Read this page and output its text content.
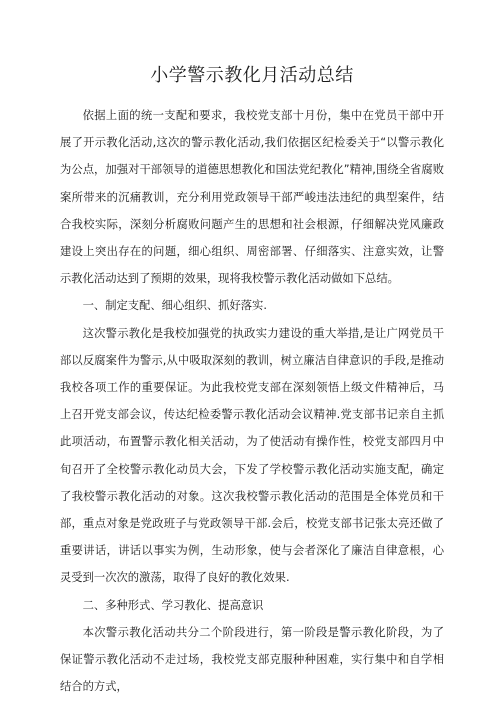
小学警示教化月活动总结

依据上面的统一支配和要求，我校党支部十月份，集中在党员干部中开展了开示教化活动,这次的警示教化活动,我们依据区纪检委关于“以警示教化为公点，加强对干部领导的道德思想教化和国法党纪教化”精神,围绕全省腐败案所带来的沉痛教训，充分利用党政领导干部严峻违法违纪的典型案件，结合我校实际，深刻分析腐败问题产生的思想和社会根源，仔细解决党风廉政建设上突出存在的问题，细心组织、周密部署、仔细落实、注意实效，让警示教化活动达到了预期的效果，现将我校警示教化活动做如下总结。

一、制定支配、细心组织、抓好落实.

这次警示教化是我校加强党的执政实力建设的重大举措,是让广网党员干部以反腐案件为警示,从中吸取深刻的教训，树立廉洁自律意识的手段,是推动我校各项工作的重要保证。为此我校党支部在深刻领悟上级文件精神后，马上召开党支部会议，传达纪检委警示教化活动会议精神.党支部书记亲自主抓此项活动，布置警示教化相关活动，为了使活动有操作性，校党支部四月中旬召开了全校警示教化动员大会，下发了学校警示教化活动实施支配，确定了我校警示教化活动的对象。这次我校警示教化活动的范围是全体党员和干部，重点对象是党政班子与党政领导干部.会后，校党支部书记张太亮还做了重要讲话，讲话以事实为例，生动形象，使与会者深化了廉洁自律意根，心灵受到一次次的激荡，取得了良好的教化效果.

二、多种形式、学习教化、提高意识

本次警示教化活动共分二个阶段进行，第一阶段是警示教化阶段，为了保证警示教化活动不走过场，我校党支部克服种种困难，实行集中和自学相结合的方式，
